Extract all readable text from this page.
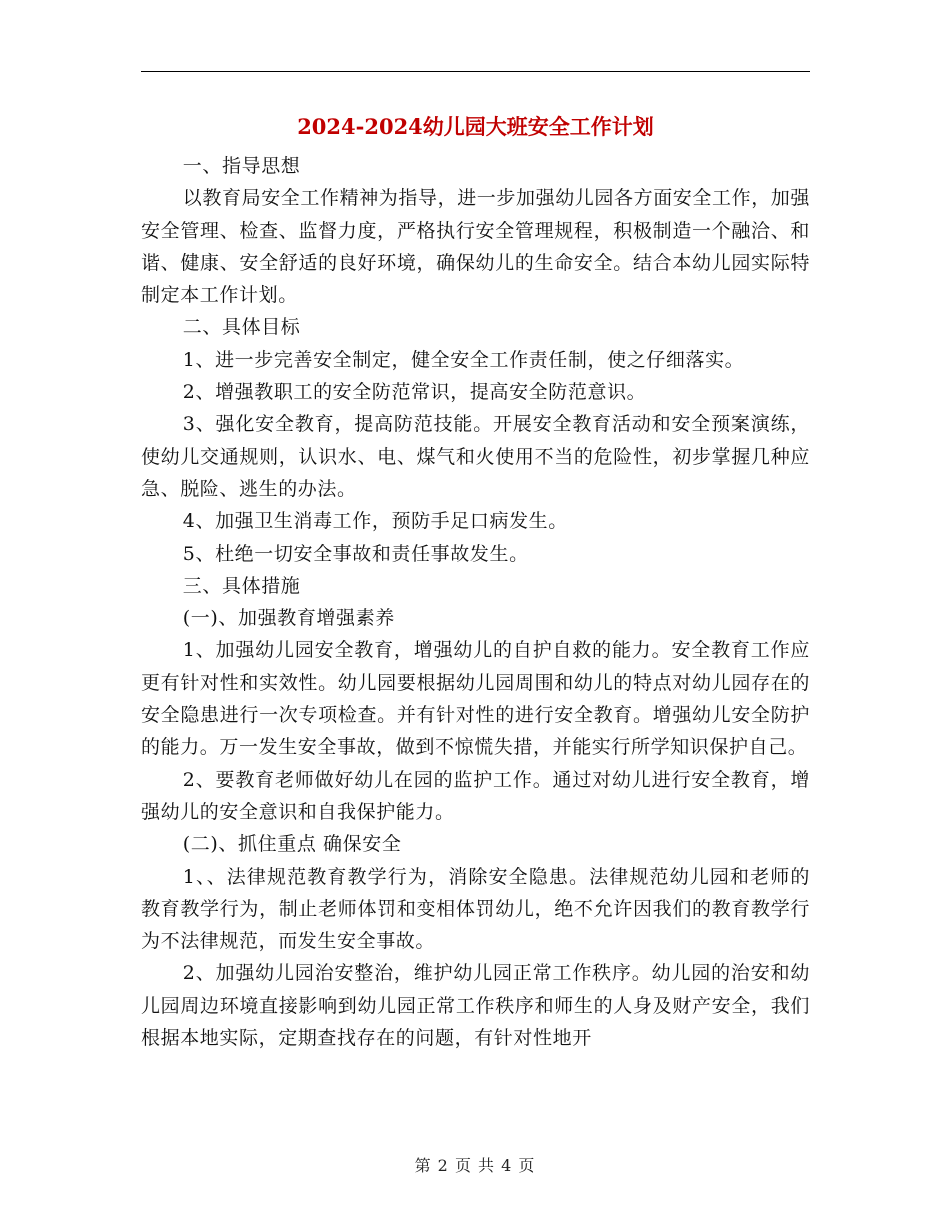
2024-2024幼儿园大班安全工作计划

一、指导思想

以教育局安全工作精神为指导，进一步加强幼儿园各方面安全工作，加强安全管理、检查、监督力度，严格执行安全管理规程，积极制造一个融洽、和谐、健康、安全舒适的良好环境，确保幼儿的生命安全。结合本幼儿园实际特制定本工作计划。

二、具体目标

1、进一步完善安全制定，健全安全工作责任制，使之仔细落实。

2、增强教职工的安全防范常识，提高安全防范意识。

3、强化安全教育，提高防范技能。开展安全教育活动和安全预案演练，使幼儿交通规则，认识水、电、煤气和火使用不当的危险性，初步掌握几种应急、脱险、逃生的办法。

4、加强卫生消毒工作，预防手足口病发生。

5、杜绝一切安全事故和责任事故发生。

三、具体措施

(一)、加强教育增强素养

1、加强幼儿园安全教育，增强幼儿的自护自救的能力。安全教育工作应更有针对性和实效性。幼儿园要根据幼儿园周围和幼儿的特点对幼儿园存在的安全隐患进行一次专项检查。并有针对性的进行安全教育。增强幼儿安全防护的能力。万一发生安全事故，做到不惊慌失措，并能实行所学知识保护自己。

2、要教育老师做好幼儿在园的监护工作。通过对幼儿进行安全教育，增强幼儿的安全意识和自我保护能力。

(二)、抓住重点 确保安全

1、、法律规范教育教学行为，消除安全隐患。法律规范幼儿园和老师的教育教学行为，制止老师体罚和变相体罚幼儿，绝不允许因我们的教育教学行为不法律规范，而发生安全事故。

2、加强幼儿园治安整治，维护幼儿园正常工作秩序。幼儿园的治安和幼儿园周边环境直接影响到幼儿园正常工作秩序和师生的人身及财产安全，我们根据本地实际，定期查找存在的问题，有针对性地开

第 2 页 共 4 页
